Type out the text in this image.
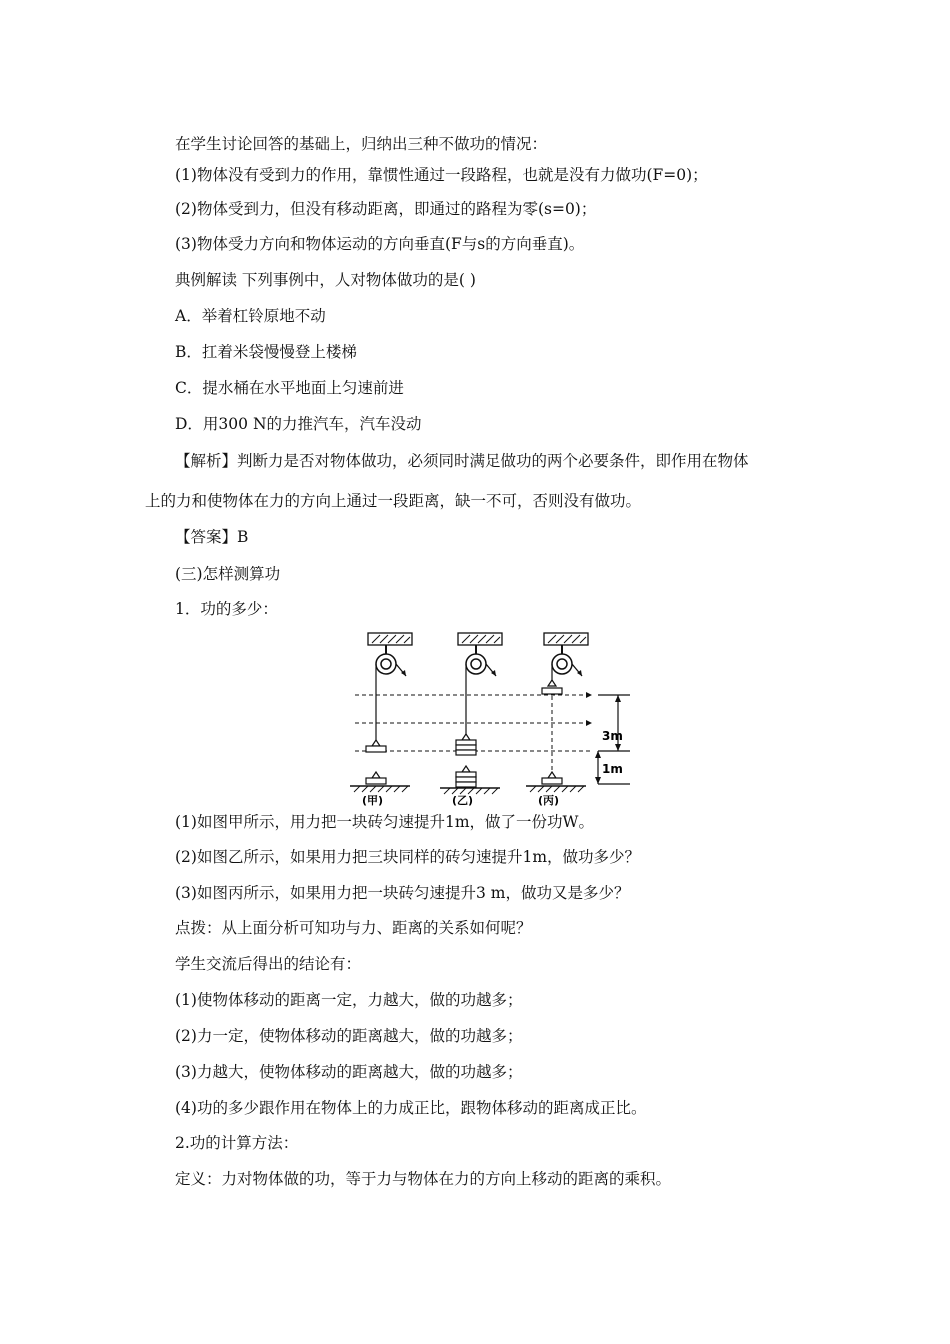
在学生讨论回答的基础上，归纳出三种不做功的情况：
(1)物体没有受到力的作用，靠惯性通过一段路程，也就是没有力做功(F=0)；
(2)物体受到力，但没有移动距离，即通过的路程为零(s=0)；
(3)物体受力方向和物体运动的方向垂直(F与s的方向垂直)。
典例解读 下列事例中，人对物体做功的是( )
A．举着杠铃原地不动
B．扛着米袋慢慢登上楼梯
C．提水桶在水平地面上匀速前进
D．用300 N的力推汽车，汽车没动
【解析】判断力是否对物体做功，必须同时满足做功的两个必要条件，即作用在物体
上的力和使物体在力的方向上通过一段距离，缺一不可，否则没有做功。
【答案】B
(三)怎样测算功
1．功的多少：
3m
1m
(甲)	(乙)	(丙)
(1)如图甲所示，用力把一块砖匀速提升1m，做了一份功W。
(2)如图乙所示，如果用力把三块同样的砖匀速提升1m，做功多少？
(3)如图丙所示，如果用力把一块砖匀速提升3 m，做功又是多少？
点拨：从上面分析可知功与力、距离的关系如何呢？
学生交流后得出的结论有：
(1)使物体移动的距离一定，力越大，做的功越多；
(2)力一定，使物体移动的距离越大，做的功越多；
(3)力越大，使物体移动的距离越大，做的功越多；
(4)功的多少跟作用在物体上的力成正比，跟物体移动的距离成正比。
2.功的计算方法：
定义：力对物体做的功，等于力与物体在力的方向上移动的距离的乘积。
